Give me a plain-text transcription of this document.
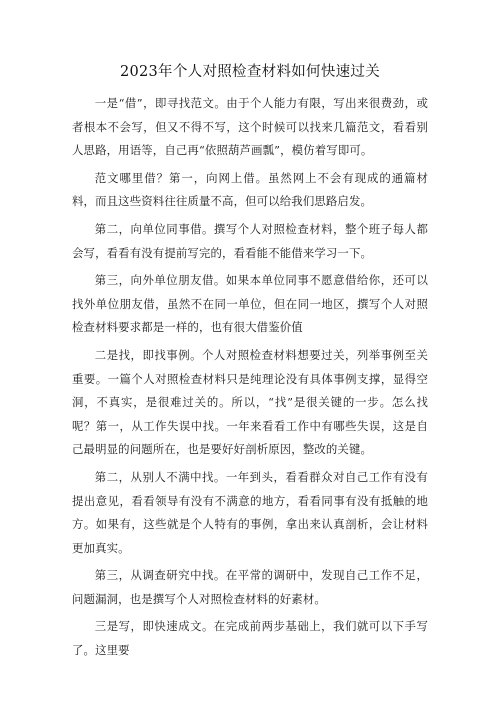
2023年个人对照检查材料如何快速过关

一是“借”，即寻找范文。由于个人能力有限，写出来很费劲，或者根本不会写，但又不得不写，这个时候可以找来几篇范文，看看别人思路，用语等，自己再“依照葫芦画瓢”，模仿着写即可。

范文哪里借？第一，向网上借。虽然网上不会有现成的通篇材料，而且这些资料往往质量不高，但可以给我们思路启发。

第二，向单位同事借。撰写个人对照检查材料，整个班子每人都会写，看看有没有提前写完的，看看能不能借来学习一下。

第三，向外单位朋友借。如果本单位同事不愿意借给你，还可以找外单位朋友借，虽然不在同一单位，但在同一地区，撰写个人对照检查材料要求都是一样的，也有很大借鉴价值

二是找，即找事例。个人对照检查材料想要过关，列举事例至关重要。一篇个人对照检查材料只是纯理论没有具体事例支撑，显得空洞，不真实，是很难过关的。所以，“找”是很关键的一步。怎么找呢？第一，从工作失误中找。一年来看看工作中有哪些失误，这是自己最明显的问题所在，也是要好好剖析原因，整改的关键。

第二，从别人不满中找。一年到头，看看群众对自己工作有没有提出意见，看看领导有没有不满意的地方，看看同事有没有抵触的地方。如果有，这些就是个人特有的事例，拿出来认真剖析，会让材料更加真实。

第三，从调查研究中找。在平常的调研中，发现自己工作不足，问题漏洞，也是撰写个人对照检查材料的好素材。

三是写，即快速成文。在完成前两步基础上，我们就可以下手写了。这里要
